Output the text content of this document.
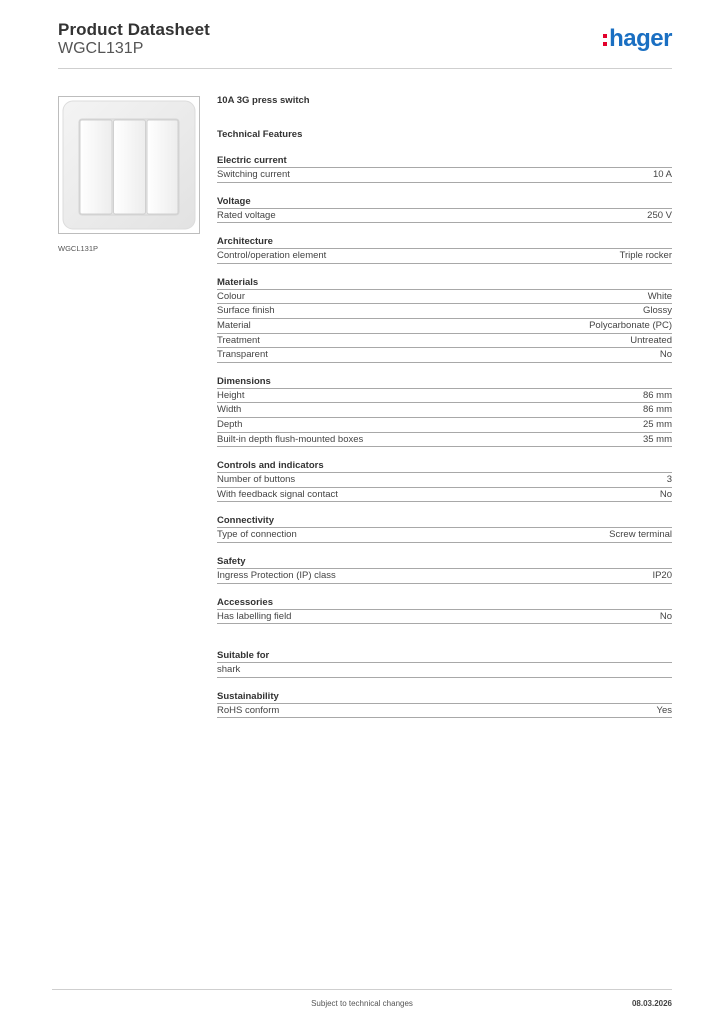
Product Datasheet
WGCL131P	hager
WGCL131P
10A 3G press switch
Technical Features
Electric current
Switching current	10 A
Voltage
Rated voltage	250 V
Architecture
Control/operation element	Triple rocker
Materials
Colour	White
Surface finish	Glossy
Material	Polycarbonate (PC)
Treatment	Untreated
Transparent	No
Dimensions
Height	86 mm
Width	86 mm
Depth	25 mm
Built-in depth flush-mounted boxes	35 mm
Controls and indicators
Number of buttons	3
With feedback signal contact	No
Connectivity
Type of connection	Screw terminal
Safety
Ingress Protection (IP) class	IP20
Accessories
Has labelling field	No
Suitable for
shark
Sustainability
RoHS conform	Yes
Subject to technical changes	08.03.2026
